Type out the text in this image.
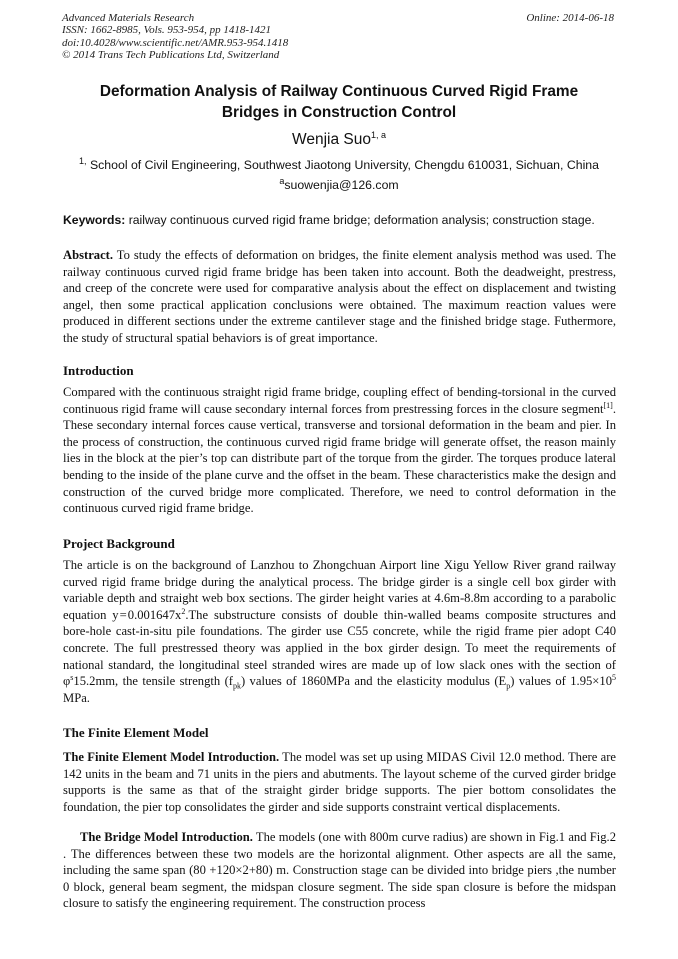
Advanced Materials Research
ISSN: 1662-8985, Vols. 953-954, pp 1418-1421
doi:10.4028/www.scientific.net/AMR.953-954.1418
© 2014 Trans Tech Publications Ltd, Switzerland
Online: 2014-06-18
Deformation Analysis of Railway Continuous Curved Rigid Frame
Bridges in Construction Control
Wenjia Suo$^{1, a}$
$^{1,}$ School of Civil Engineering, Southwest Jiaotong University, Chengdu 610031, Sichuan, China
$^a$suowenjia@126.com
Keywords: railway continuous curved rigid frame bridge; deformation analysis; construction stage.
Abstract. To study the effects of deformation on bridges, the finite element analysis method was used. The railway continuous curved rigid frame bridge has been taken into account. Both the deadweight, prestress, and creep of the concrete were used for comparative analysis about the effect on displacement and twisting angel, then some practical application conclusions were obtained. The maximum reaction values were produced in different sections under the extreme cantilever stage and the finished bridge stage. Futhermore, the study of structural spatial behaviors is of great importance.
Introduction
Compared with the continuous straight rigid frame bridge, coupling effect of bending-torsional in the curved continuous rigid frame will cause secondary internal forces from prestressing forces in the closure segment[1]. These secondary internal forces cause vertical, transverse and torsional deformation in the beam and pier. In the process of construction, the continuous curved rigid frame bridge will generate offset, the reason mainly lies in the block at the pier’s top can distribute part of the torque from the girder. The torques produce lateral bending to the inside of the plane curve and the offset in the beam. These characteristics make the design and construction of the curved bridge more complicated. Therefore, we need to control deformation in the continuous curved rigid frame bridge.
Project Background
The article is on the background of Lanzhou to Zhongchuan Airport line Xigu Yellow River grand railway curved rigid frame bridge during the analytical process. The bridge girder is a single cell box girder with variable depth and straight web box sections. The girder height varies at 4.6m-8.8m according to a parabolic equation y = $0.001647x^2.The$ substructure consists of double thin-walled beams composite structures and bore-hole cast-in-situ pile foundations. The girder use C55 concrete, while the rigid frame pier adopt C40 concrete. The full prestressed theory was applied in the box girder design. To meet the requirements of national standard, the longitudinal steel stranded wires are made up of low slack ones with the section of $\varphi^s15.2mm$, the tensile strength $(f_{pk})$ values of 1860MPa and the elasticity modulus $(E_p)$ values of $1.95\times 10^5$ MPa.
The Finite Element Model
The Finite Element Model Introduction. The model was set up using MIDAS Civil 12.0 method. There are 142 units in the beam and 71 units in the piers and abutments. The layout scheme of the curved girder bridge supports is the same as that of the straight girder bridge supports. The pier bottom consolidates the foundation, the pier top consolidates the girder and side supports constraint vertical displacements.
The Bridge Model Introduction. The models (one with 800m curve radius) are shown in Fig.1 and Fig.2 . The differences between these two models are the horizontal alignment. Other aspects are all the same, including the same span (80 +120×2+80) m. Construction stage can be divided into bridge piers ,the number 0 block, general beam segment, the midspan closure segment. The side span closure is before the midspan closure to satisfy the engineering requirement. The construction process
